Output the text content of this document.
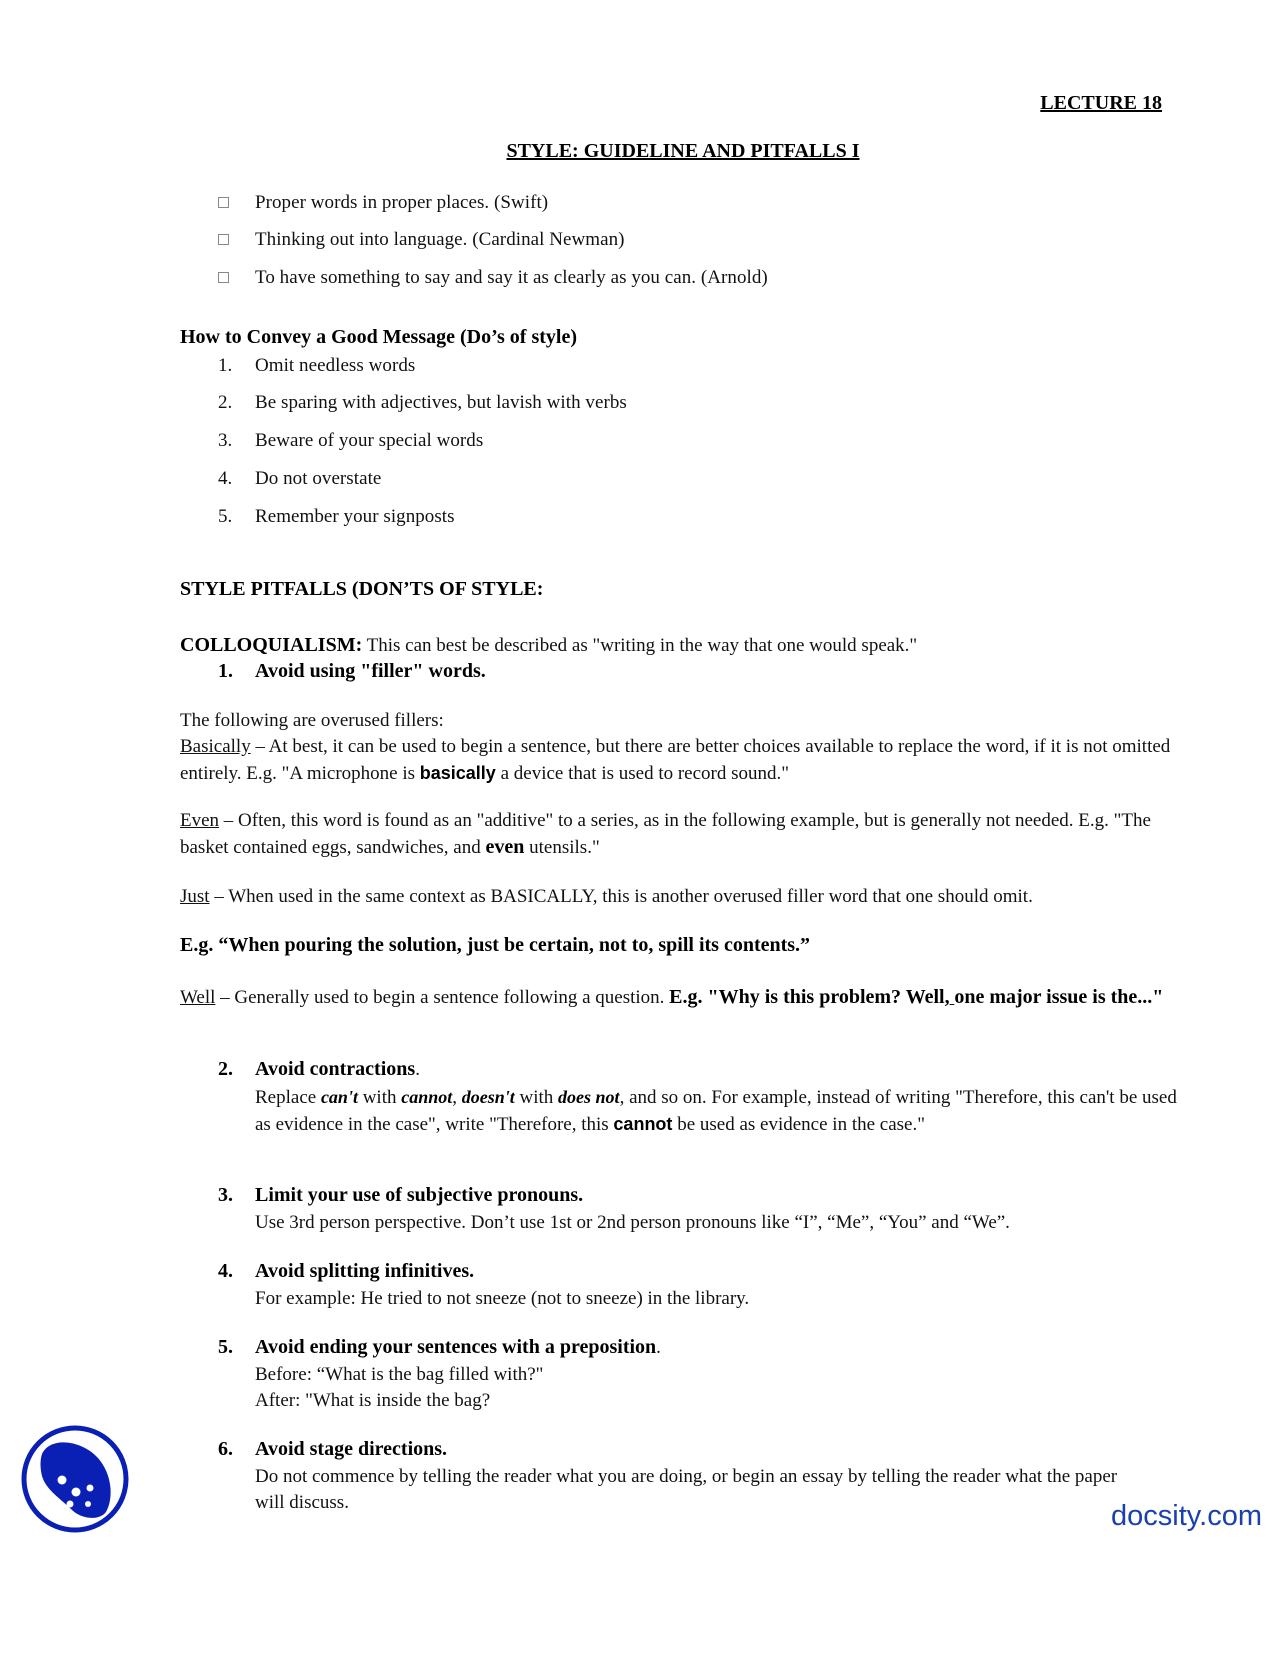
LECTURE 18
STYLE: GUIDELINE AND PITFALLS I
Proper words in proper places. (Swift)
Thinking out into language. (Cardinal Newman)
To have something to say and say it as clearly as you can. (Arnold)
How to Convey a Good Message (Do’s of style)
1. Omit needless words
2. Be sparing with adjectives, but lavish with verbs
3. Beware of your special words
4. Do not overstate
5. Remember your signposts
STYLE PITFALLS (DON’TS OF STYLE:
COLLOQUIALISM: This can best be described as "writing in the way that one would speak."
1. Avoid using "filler" words.
The following are overused fillers:
Basically – At best, it can be used to begin a sentence, but there are better choices available to replace the word, if it is not omitted entirely. E.g. "A microphone is basically a device that is used to record sound."
Even – Often, this word is found as an "additive" to a series, as in the following example, but is generally not needed. E.g. "The basket contained eggs, sandwiches, and even utensils."
Just – When used in the same context as BASICALLY, this is another overused filler word that one should omit.
E.g. “When pouring the solution, just be certain, not to, spill its contents.”
Well – Generally used to begin a sentence following a question. E.g. "Why is this problem? Well, one major issue is the..."
2. Avoid contractions.
Replace can't with cannot, doesn't with does not, and so on. For example, instead of writing "Therefore, this can't be used as evidence in the case", write "Therefore, this cannot be used as evidence in the case."
3. Limit your use of subjective pronouns.
Use 3rd person perspective. Don’t use 1st or 2nd person pronouns like “I”, “Me”, “You” and “We”.
4. Avoid splitting infinitives.
For example: He tried to not sneeze (not to sneeze) in the library.
5. Avoid ending your sentences with a preposition.
Before: “What is the bag filled with?"
After: "What is inside the bag?
6. Avoid stage directions.
Do not commence by telling the reader what you are doing, or begin an essay by telling the reader what the paper will discuss.	docsity.com
